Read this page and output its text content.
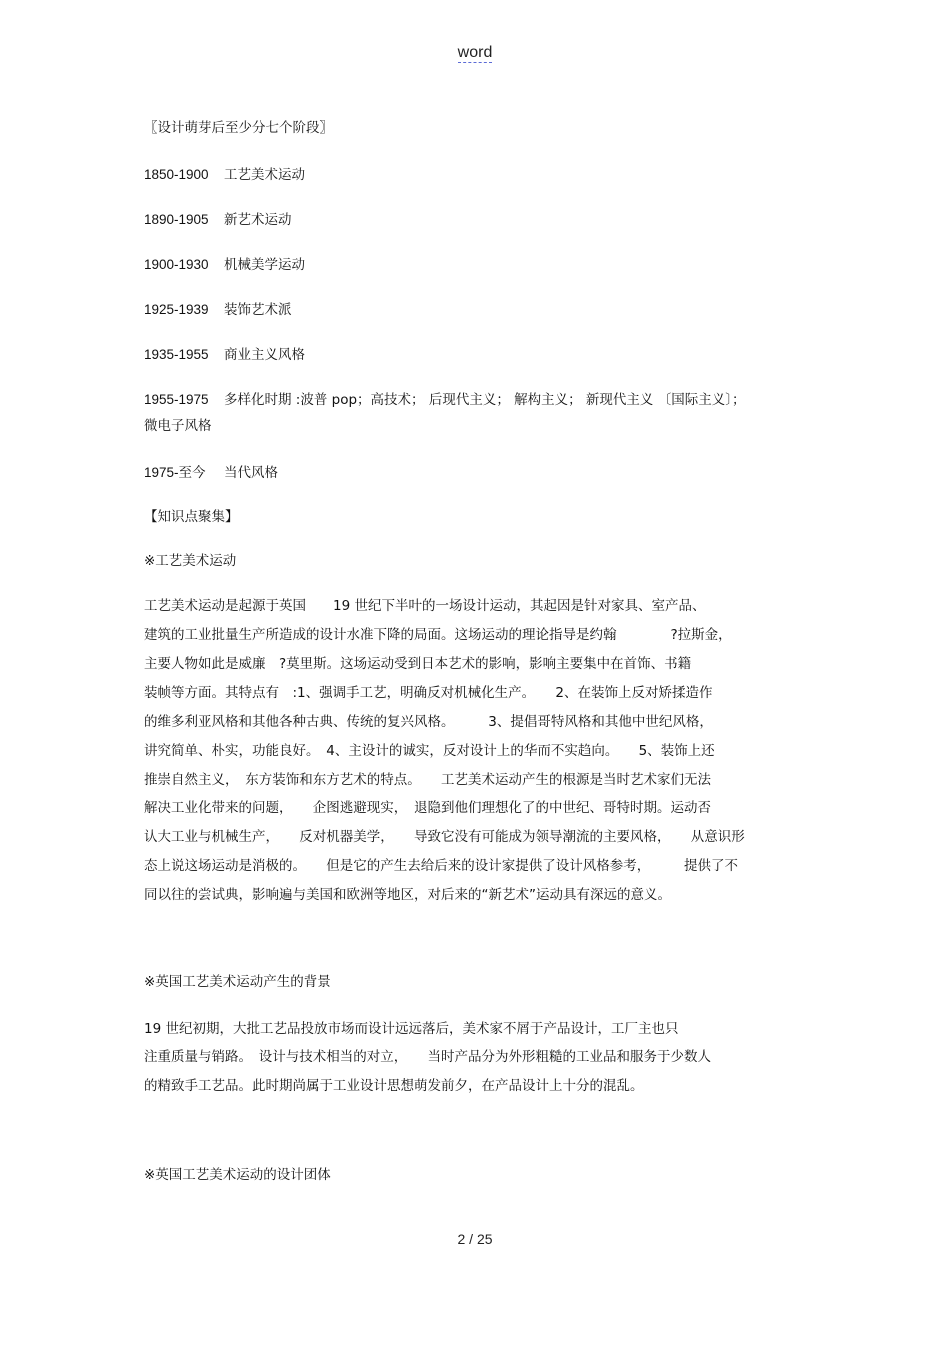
word
〖设计萌芽后至少分七个阶段〗
1850-1900 工艺美术运动
1890-1905 新艺术运动
1900-1930 机械美学运动
1925-1939 装饰艺术派
1935-1955 商业主义风格
1955-1975 多样化时期 :波普 pop；高技术； 后现代主义； 解构主义； 新现代主义 〔国际主义〕；
微电子风格
1975-至今 当代风格
【知识点聚集】
※工艺美术运动
工艺美术运动是起源于英国　　19 世纪下半叶的一场设计运动，其起因是针对家具、室产品、
建筑的工业批量生产所造成的设计水准下降的局面。这场运动的理论指导是约翰　　　　?拉斯金，
主要人物如此是威廉　?莫里斯。这场运动受到日本艺术的影响，影响主要集中在首饰、书籍
装帧等方面。其特点有　:1、强调手工艺，明确反对机械化生产。　　2、在装饰上反对矫揉造作
的维多利亚风格和其他各种古典、传统的复兴风格。　　　3、提倡哥特风格和其他中世纪风格，
讲究简单、朴实，功能良好。　4、主设计的诚实，反对设计上的华而不实趋向。　　5、装饰上还
推崇自然主义，　东方装饰和东方艺术的特点。　　工艺美术运动产生的根源是当时艺术家们无法
解决工业化带来的问题，　　企图逃避现实，　退隐到他们理想化了的中世纪、哥特时期。运动否
认大工业与机械生产，　　反对机器美学，　　导致它没有可能成为领导潮流的主要风格，　　从意识形
态上说这场运动是消极的。　　但是它的产生去给后来的设计家提供了设计风格参考，　　　提供了不
同以往的尝试典，影响遍与美国和欧洲等地区，对后来的“新艺术”运动具有深远的意义。
※英国工艺美术运动产生的背景
19 世纪初期，大批工艺品投放市场而设计远远落后，美术家不屑于产品设计，工厂主也只
注重质量与销路。　设计与技术相当的对立，　　当时产品分为外形粗糙的工业品和服务于少数人
的精致手工艺品。此时期尚属于工业设计思想萌发前夕，在产品设计上十分的混乱。
※英国工艺美术运动的设计团体
2 / 25
